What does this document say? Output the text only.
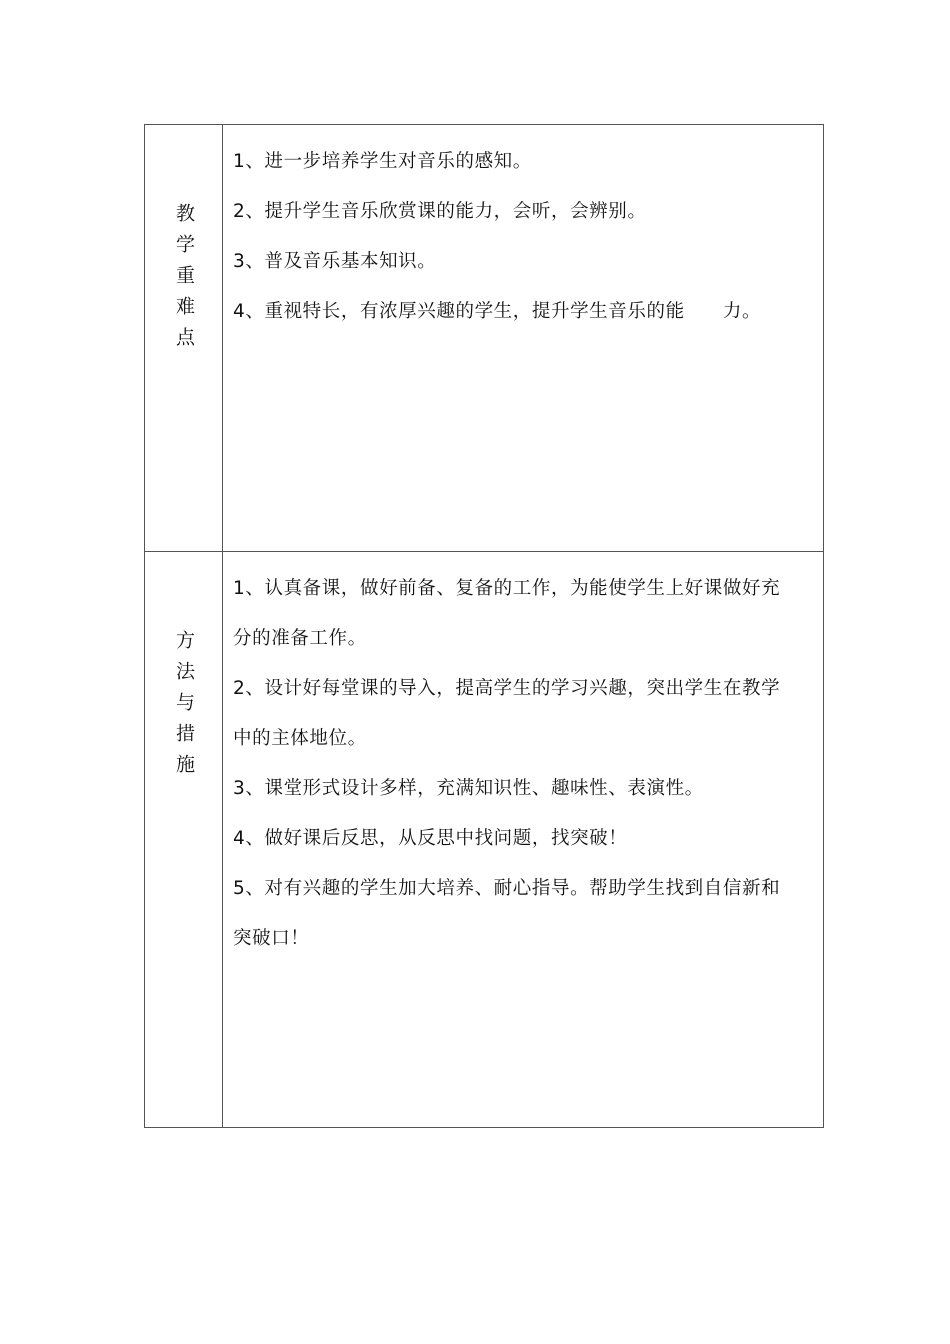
教学重难点	1、进一步培养学生对音乐的感知。

2、提升学生音乐欣赏课的能力，会听，会辨别。

3、普及音乐基本知识。

4、重视特长，有浓厚兴趣的学生，提升学生音乐的能　　力。

方法与措施	1、认真备课，做好前备、复备的工作，为能使学生上好课做好充分的准备工作。

2、设计好每堂课的导入，提高学生的学习兴趣，突出学生在教学中的主体地位。

3、课堂形式设计多样，充满知识性、趣味性、表演性。

4、做好课后反思，从反思中找问题，找突破！

5、对有兴趣的学生加大培养、耐心指导。帮助学生找到自信新和突破口！
